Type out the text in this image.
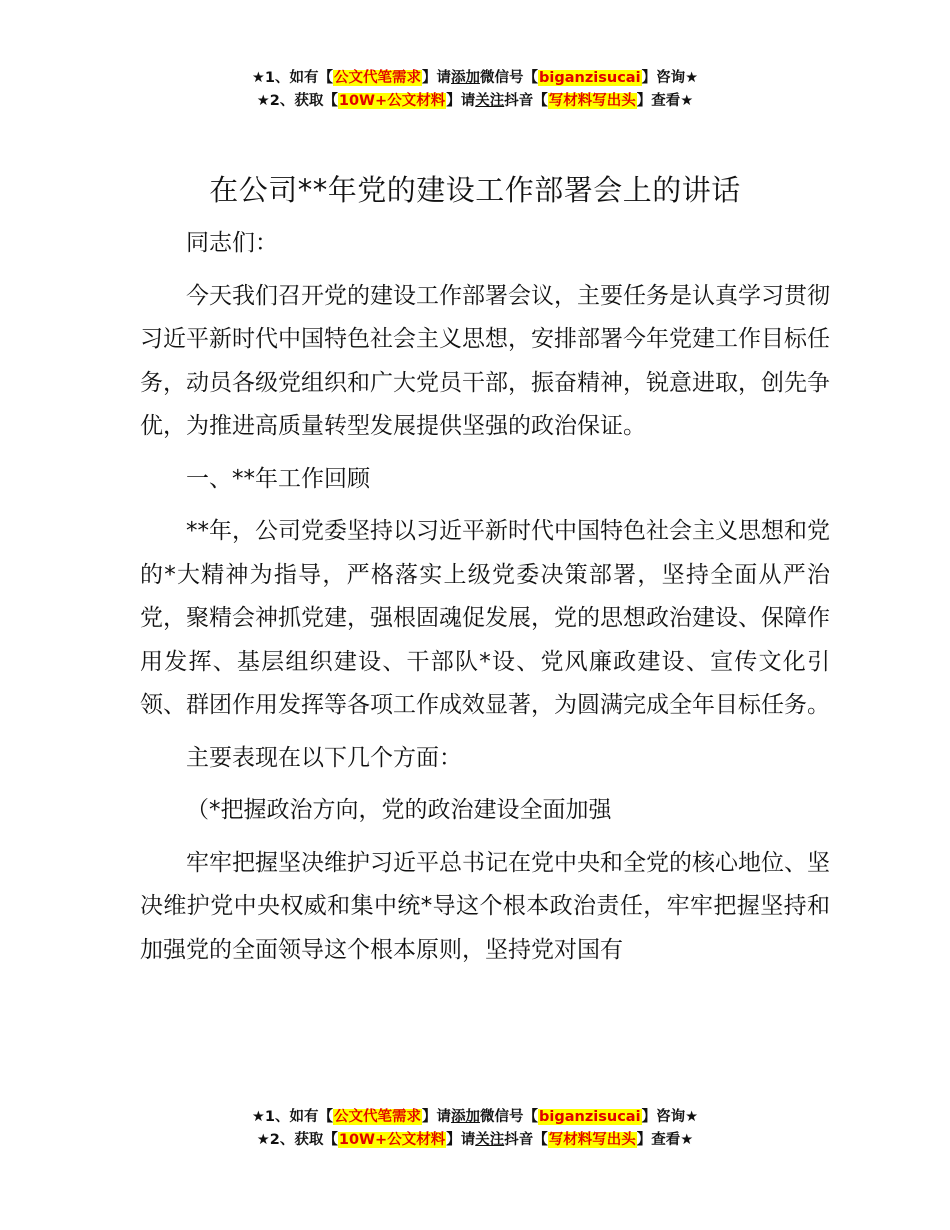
★1、如有【公文代笔需求】请添加微信号【biganzisucai】咨询★
★2、获取【10W+公文材料】请关注抖音【写材料写出头】查看★
在公司**年党的建设工作部署会上的讲话

同志们：

今天我们召开党的建设工作部署会议，主要任务是认真学习贯彻习近平新时代中国特色社会主义思想，安排部署今年党建工作目标任务，动员各级党组织和广大党员干部，振奋精神，锐意进取，创先争优，为推进高质量转型发展提供坚强的政治保证。

一、**年工作回顾

**年，公司党委坚持以习近平新时代中国特色社会主义思想和党的*大精神为指导，严格落实上级党委决策部署，坚持全面从严治党，聚精会神抓党建，强根固魂促发展，党的思想政治建设、保障作用发挥、基层组织建设、干部队*设、党风廉政建设、宣传文化引领、群团作用发挥等各项工作成效显著，为圆满完成全年目标任务。

主要表现在以下几个方面：

（*把握政治方向，党的政治建设全面加强

牢牢把握坚决维护习近平总书记在党中央和全党的核心地位、坚决维护党中央权威和集中统*导这个根本政治责任，牢牢把握坚持和加强党的全面领导这个根本原则，坚持党对国有

★1、如有【公文代笔需求】请添加微信号【biganzisucai】咨询★
★2、获取【10W+公文材料】请关注抖音【写材料写出头】查看★
